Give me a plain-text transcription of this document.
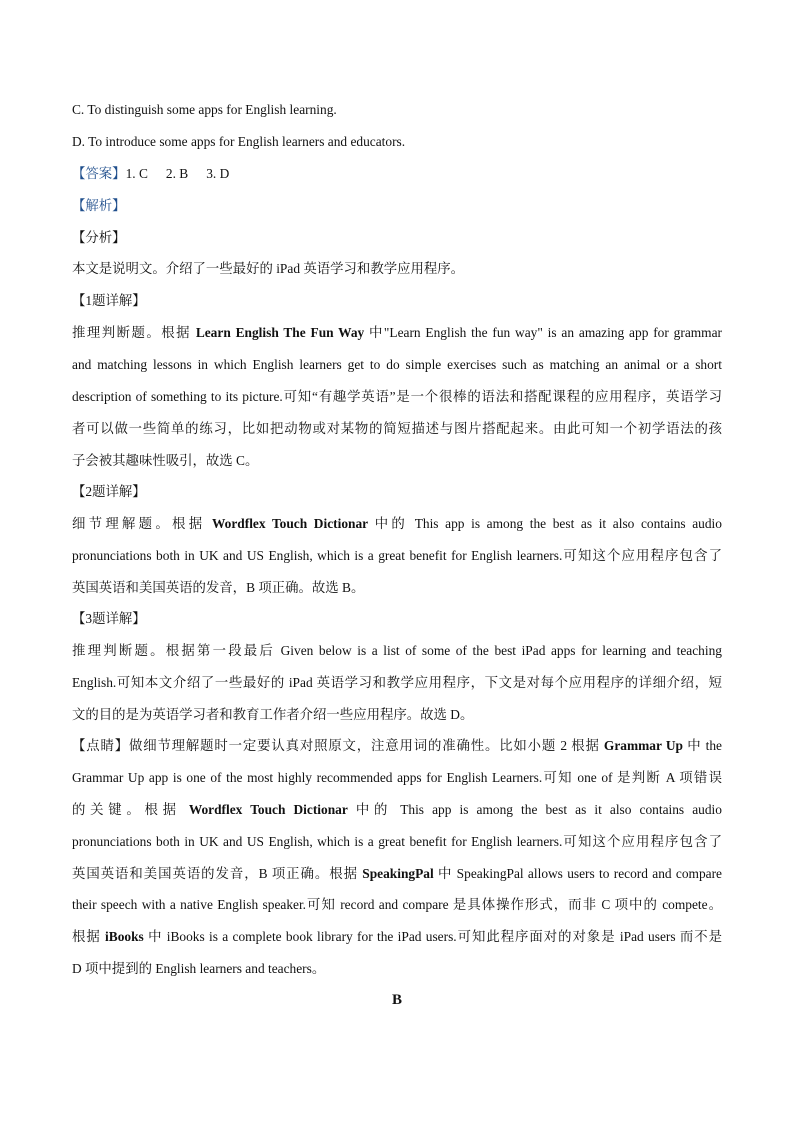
C. To distinguish some apps for English learning.
D. To introduce some apps for English learners and educators.
【答案】1. C 2. B 3. D
【解析】
【分析】
本文是说明文。介绍了一些最好的 iPad 英语学习和教学应用程序。
【1题详解】
推理判断题。根据 Learn English The Fun Way 中"Learn English the fun way" is an amazing app for grammar
and matching lessons in which English learners get to do simple exercises such as matching an animal or a short
description of something to its picture.可知“有趣学英语”是一个很棒的语法和搭配课程的应用程序，英语学习
者可以做一些简单的练习，比如把动物或对某物的简短描述与图片搭配起来。由此可知一个初学语法的孩
子会被其趣味性吸引，故选 C。
【2题详解】
细节理解题。根据 Wordflex Touch Dictionar 中的 This app is among the best as it also contains audio
pronunciations both in UK and US English, which is a great benefit for English learners.可知这个应用程序包含了
英国英语和美国英语的发音，B 项正确。故选 B。
【3题详解】
推理判断题。根据第一段最后 Given below is a list of some of the best iPad apps for learning and teaching
English.可知本文介绍了一些最好的 iPad 英语学习和教学应用程序，下文是对每个应用程序的详细介绍，短
文的目的是为英语学习者和教育工作者介绍一些应用程序。故选 D。
【点睛】做细节理解题时一定要认真对照原文，注意用词的准确性。比如小题 2 根据 Grammar Up 中 the
Grammar Up app is one of the most highly recommended apps for English Learners.可知 one of 是判断 A 项错误
的关键。根据 Wordflex Touch Dictionar 中的 This app is among the best as it also contains audio
pronunciations both in UK and US English, which is a great benefit for English learners.可知这个应用程序包含了
英国英语和美国英语的发音，B 项正确。根据 SpeakingPal 中 SpeakingPal allows users to record and compare
their speech with a native English speaker.可知 record and compare 是具体操作形式，而非 C 项中的 compete。
根据 iBooks 中 iBooks is a complete book library for the iPad users.可知此程序面对的对象是 iPad users 而不是
D 项中提到的 English learners and teachers。
B
